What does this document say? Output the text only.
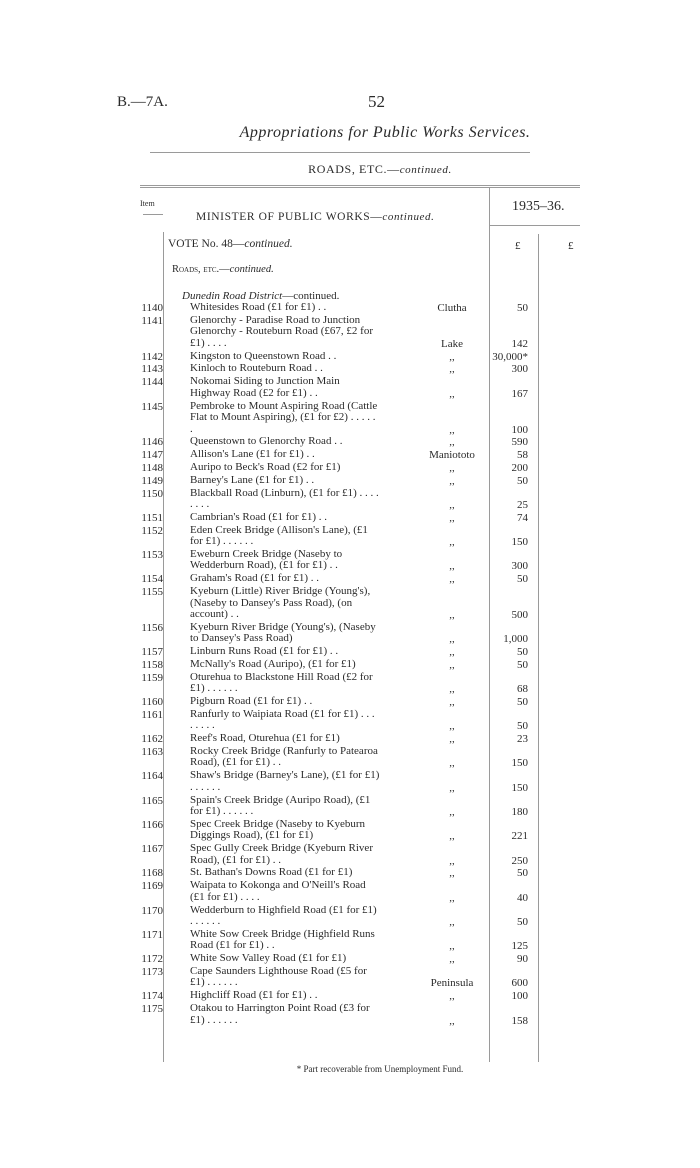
B.—7A.	52
Appropriations for Public Works Services.
ROADS, ETC.—continued.
Item
MINISTER OF PUBLIC WORKS—continued.
1935–36.
VOTE No. 48—continued.	£	£
Roads, etc.—continued.
Dunedin Road District—continued.
1140 Whitesides Road (£1 for £1) . .	Clutha	50
1141 Glenorchy - Paradise Road to Junction Glenorchy - Routeburn Road (£67, £2 for £1) . . . .	Lake	142
1142 Kingston to Queenstown Road . .	,,	30,000*
1143 Kinloch to Routeburn Road . .	,,	300
1144 Nokomai Siding to Junction Main Highway Road (£2 for £1) . .	,,	167
1145 Pembroke to Mount Aspiring Road (Cattle Flat to Mount Aspiring), (£1 for £2) . . . . . .	,,	100
1146 Queenstown to Glenorchy Road . .	,,	590
1147 Allison's Lane (£1 for £1) . .	Maniototo	58
1148 Auripo to Beck's Road (£2 for £1)	,,	200
1149 Barney's Lane (£1 for £1) . .	,,	50
1150 Blackball Road (Linburn), (£1 for £1) . . . . . . . .	,,	25
1151 Cambrian's Road (£1 for £1) . .	,,	74
1152 Eden Creek Bridge (Allison's Lane), (£1 for £1) . . . . . .	,,	150
1153 Eweburn Creek Bridge (Naseby to Wedderburn Road), (£1 for £1) . .	,,	300
1154 Graham's Road (£1 for £1) . .	,,	50
1155 Kyeburn (Little) River Bridge (Young's), (Naseby to Dansey's Pass Road), (on account) . .	,,	500
1156 Kyeburn River Bridge (Young's), (Naseby to Dansey's Pass Road)	,,	1,000
1157 Linburn Runs Road (£1 for £1) . .	,,	50
1158 McNally's Road (Auripo), (£1 for £1)	,,	50
1159 Oturehua to Blackstone Hill Road (£2 for £1) . . . . . .	,,	68
1160 Pigburn Road (£1 for £1) . .	,,	50
1161 Ranfurly to Waipiata Road (£1 for £1) . . . . . . . .	,,	50
1162 Reef's Road, Oturehua (£1 for £1)	,,	23
1163 Rocky Creek Bridge (Ranfurly to Patearoa Road), (£1 for £1) . .	,,	150
1164 Shaw's Bridge (Barney's Lane), (£1 for £1) . . . . . .	,,	150
1165 Spain's Creek Bridge (Auripo Road), (£1 for £1) . . . . . .	,,	180
1166 Spec Creek Bridge (Naseby to Kyeburn Diggings Road), (£1 for £1)	,,	221
1167 Spec Gully Creek Bridge (Kyeburn River Road), (£1 for £1) . .	,,	250
1168 St. Bathan's Downs Road (£1 for £1)	,,	50
1169 Waipata to Kokonga and O'Neill's Road (£1 for £1) . . . .	,,	40
1170 Wedderburn to Highfield Road (£1 for £1) . . . . . .	,,	50
1171 White Sow Creek Bridge (Highfield Runs Road (£1 for £1) . .	,,	125
1172 White Sow Valley Road (£1 for £1)	,,	90
1173 Cape Saunders Lighthouse Road (£5 for £1) . . . . . .	Peninsula	600
1174 Highcliff Road (£1 for £1) . .	,,	100
1175 Otakou to Harrington Point Road (£3 for £1) . . . . . .	,,	158
* Part recoverable from Unemployment Fund.
